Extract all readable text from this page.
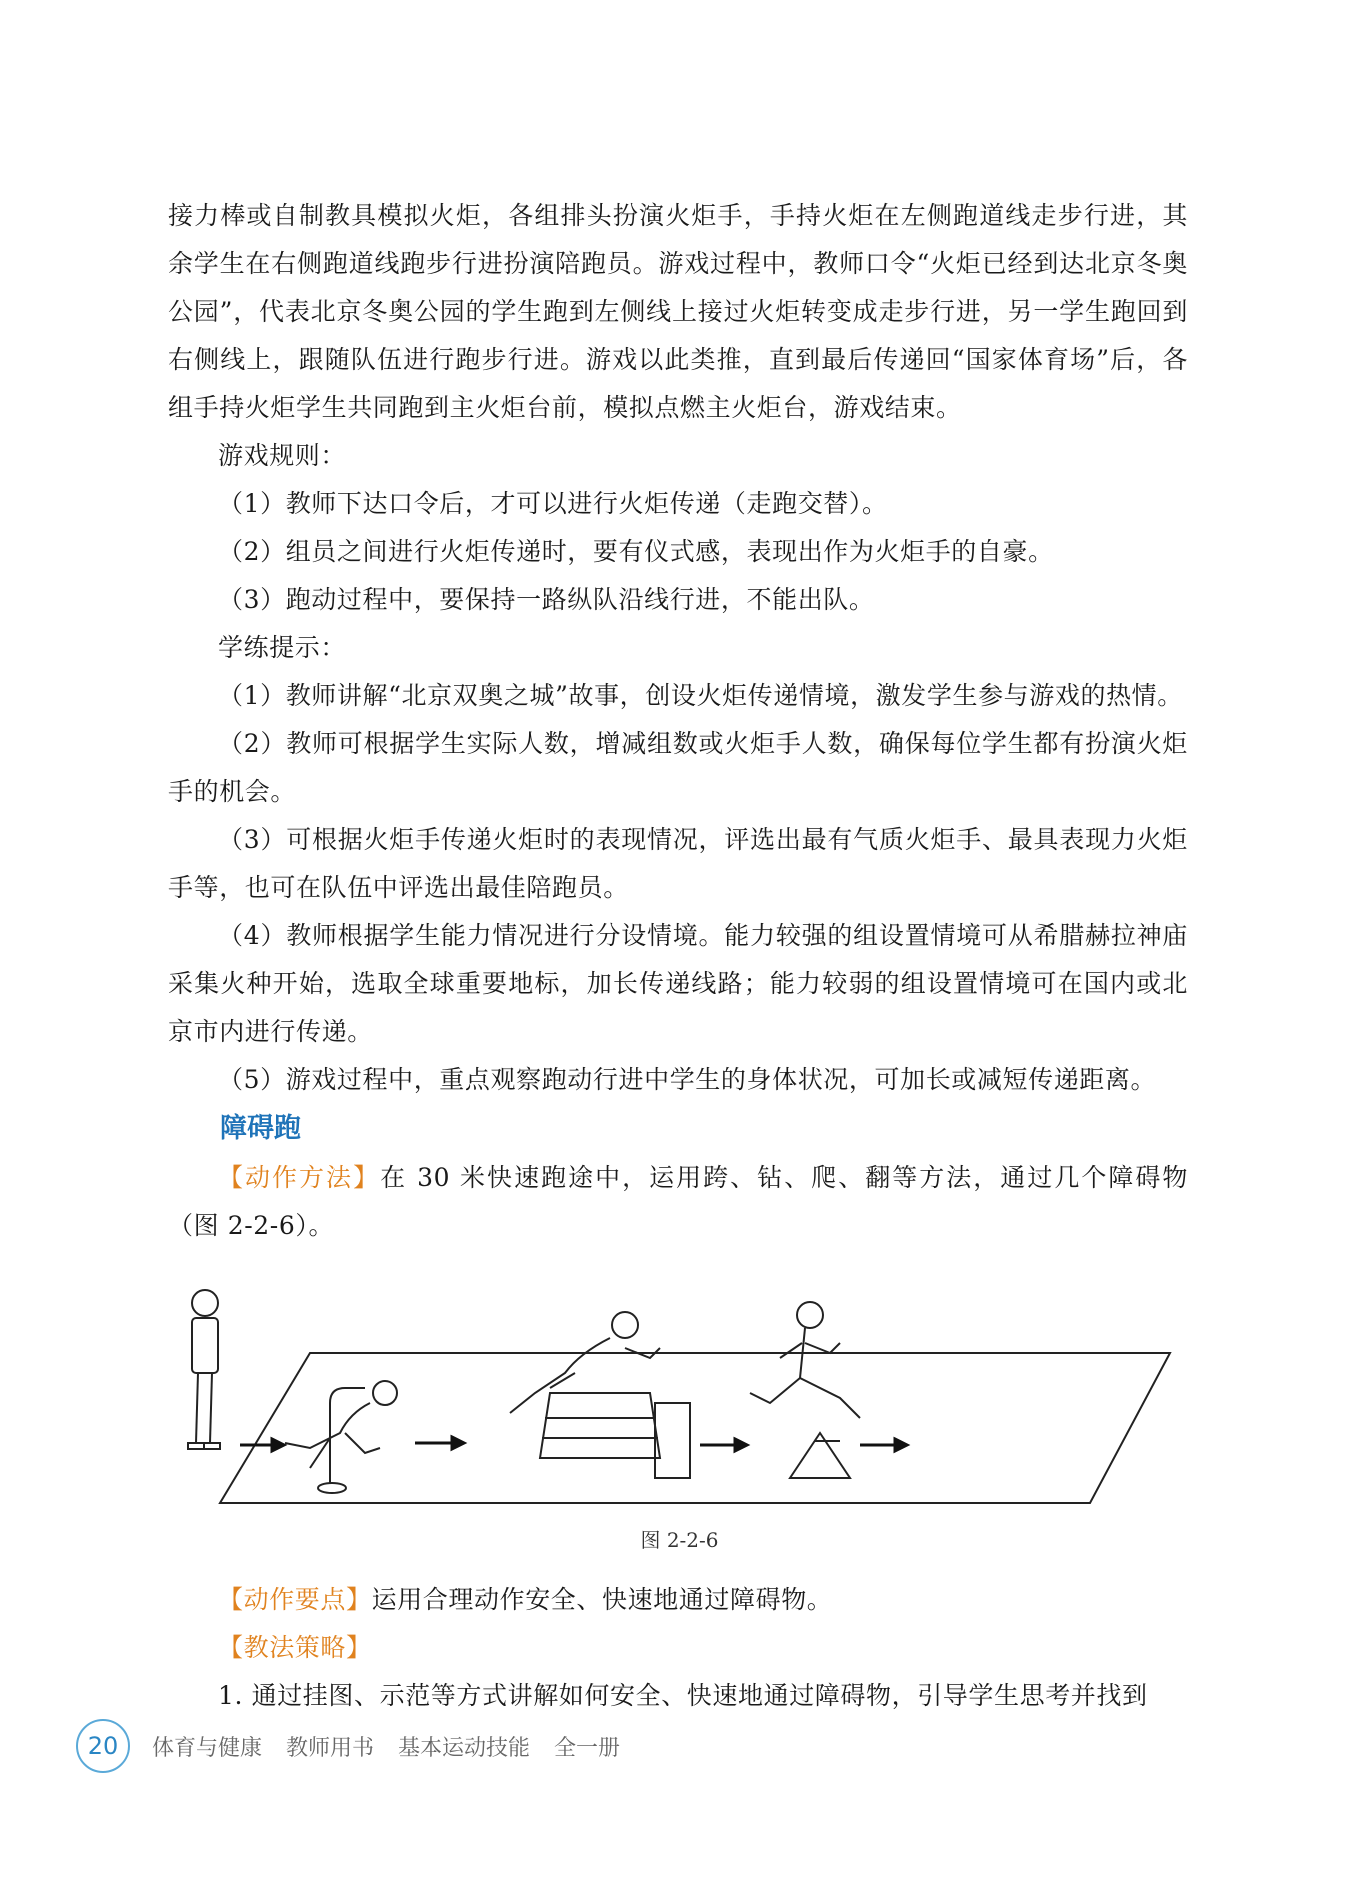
接力棒或自制教具模拟火炬，各组排头扮演火炬手，手持火炬在左侧跑道线走步行进，其余学生在右侧跑道线跑步行进扮演陪跑员。游戏过程中，教师口令“火炬已经到达北京冬奥公园”，代表北京冬奥公园的学生跑到左侧线上接过火炬转变成走步行进，另一学生跑回到右侧线上，跟随队伍进行跑步行进。游戏以此类推，直到最后传递回“国家体育场”后，各组手持火炬学生共同跑到主火炬台前，模拟点燃主火炬台，游戏结束。

游戏规则：

（1）教师下达口令后，才可以进行火炬传递（走跑交替）。

（2）组员之间进行火炬传递时，要有仪式感，表现出作为火炬手的自豪。

（3）跑动过程中，要保持一路纵队沿线行进，不能出队。

学练提示：

（1）教师讲解“北京双奥之城”故事，创设火炬传递情境，激发学生参与游戏的热情。

（2）教师可根据学生实际人数，增减组数或火炬手人数，确保每位学生都有扮演火炬手的机会。

（3）可根据火炬手传递火炬时的表现情况，评选出最有气质火炬手、最具表现力火炬手等，也可在队伍中评选出最佳陪跑员。

（4）教师根据学生能力情况进行分设情境。能力较强的组设置情境可从希腊赫拉神庙采集火种开始，选取全球重要地标，加长传递线路；能力较弱的组设置情境可在国内或北京市内进行传递。

（5）游戏过程中，重点观察跑动行进中学生的身体状况，可加长或减短传递距离。

障碍跑

【动作方法】在 30 米快速跑途中，运用跨、钻、爬、翻等方法，通过几个障碍物（图 2-2-6）。

图 2-2-6

【动作要点】运用合理动作安全、快速地通过障碍物。

【教法策略】

1. 通过挂图、示范等方式讲解如何安全、快速地通过障碍物，引导学生思考并找到

20	体育与健康 教师用书 基本运动技能 全一册
